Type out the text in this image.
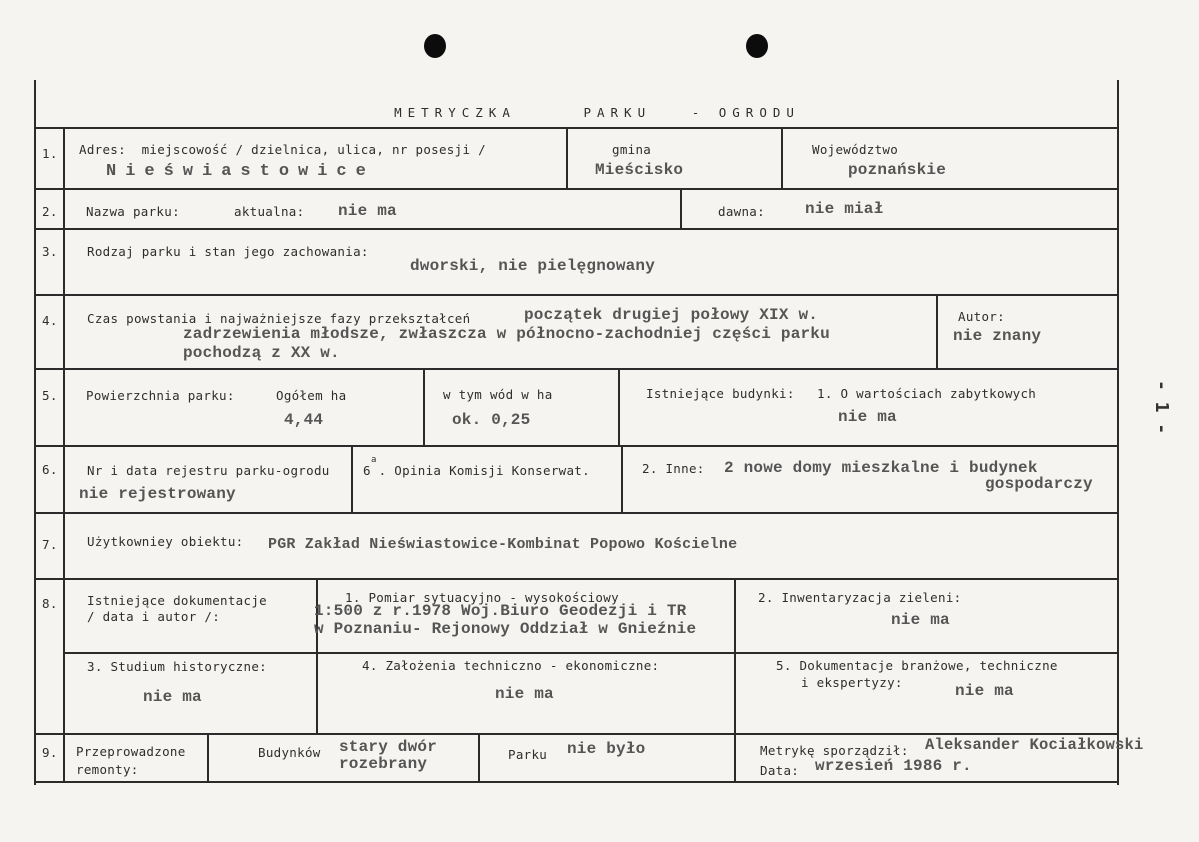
METRYCZKA	PARKU	- OGRODU

1. Adres:  miejscowość / dzielnica, ulica, nr posesji /
Nieświastowice
gmina
Mieścisko
Województwo
poznańskie
2. Nazwa parku:	aktualna: nie ma	dawna:	nie miał
3. Rodzaj parku i stan jego zachowania:
dworski, nie pielęgnowany
4. Czas powstania i najważniejsze fazy przekształceń	początek drugiej połowy XIX w.
zadrzewienia młodsze, zwłaszcza w północno-zachodniej części parku
pochodzą z XX w.
Autor:
nie znany
5. Powierzchnia parku:	Ogółem ha
4,44
w tym wód w ha
ok. 0,25
Istniejące budynki: 1. O wartościach zabytkowych
nie ma
6. Nr i data rejestru parku-ogrodu
nie rejestrowany
a
6 . Opinia Komisji Konserwat.	2. Inne: 2 nowe domy mieszkalne i budynek
gospodarczy
7. Użytkowniey obiektu: PGR Zakład Nieświastowice-Kombinat Popowo Kościelne
8. Istniejące dokumentacje
/ data i autor /:
1. Pomiar sytuacyjno - wysokościowy
1:500 z r.1978 Woj.Biuro Geodezji i TR
w Poznaniu- Rejonowy Oddział w Gnieźnie
2. Inwentaryzacja zieleni:
nie ma
3. Studium historyczne:
nie ma
4. Założenia techniczno - ekonomiczne:
nie ma
5. Dokumentacje branżowe, techniczne
i ekspertyzy:	nie ma
9. Przeprowadzone
remonty:
Budynków stary dwór
rozebrany
Parku nie było	Metrykę sporządził: Aleksander Kociałkowski
Data: wrzesień 1986 r.
- 1 -
